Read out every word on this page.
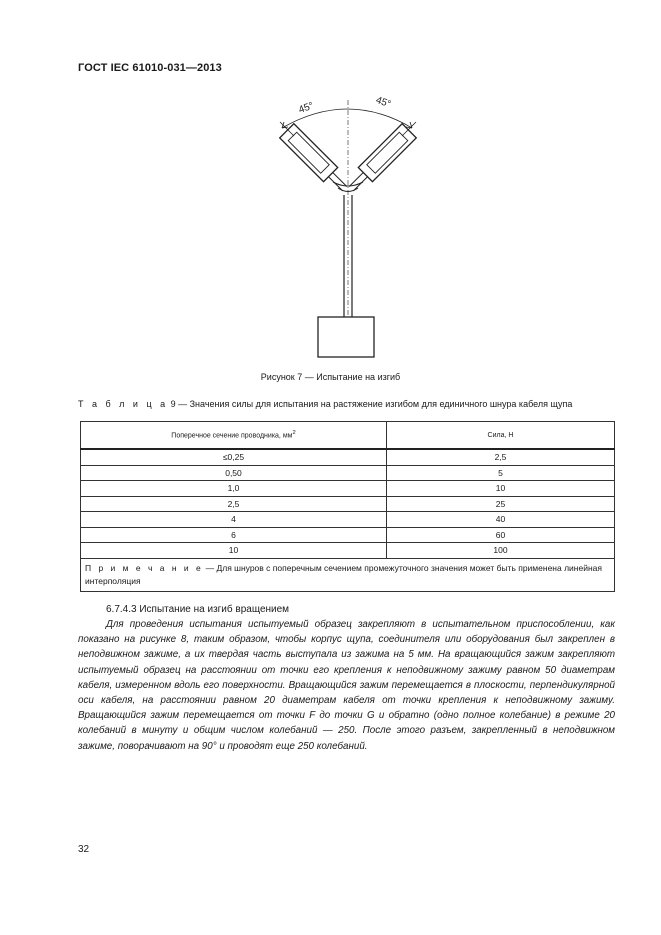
ГОСТ IEC 61010-031—2013
45°	45°
Рисунок 7 — Испытание на изгиб
Т а б л и ц а 9 — Значения силы для испытания на растяжение изгибом для единичного шнура кабеля щупа
Поперечное сечение проводника, $мм^2$	Сила, Н
≤0,25	2,5
0,50	5
1,0	10
2,5	25
4	40
6	60
10	100
П р и м е ч а н и е — Для шнуров с поперечным сечением промежуточного значения может быть применена линейная интерполяция	
6.7.4.3 Испытание на изгиб вращением

Для проведения испытания испытуемый образец закрепляют в испытательном приспособлении, как показано на рисунке 8, таким образом, чтобы корпус щупа, соединителя или оборудования был закреплен в неподвижном зажиме, а их твердая часть выступала из зажима на 5 мм. На вращающийся зажим закрепляют испытуемый образец на расстоянии от точки его крепления к неподвижному зажиму равном 50 диаметрам кабеля, измеренном вдоль его поверхности. Вращающийся зажим перемещается в плоскости, перпендикулярной оси кабеля, на расстоянии равном 20 диаметрам кабеля от точки крепления к неподвижному зажиму. Вращающийся зажим перемещается от точки F до точки G и обратно (одно полное колебание) в режиме 20 колебаний в минуту и общим числом колебаний — 250. После этого разъем, закрепленный в неподвижном зажиме, поворачивают на 90° и проводят еще 250 колебаний.

32
